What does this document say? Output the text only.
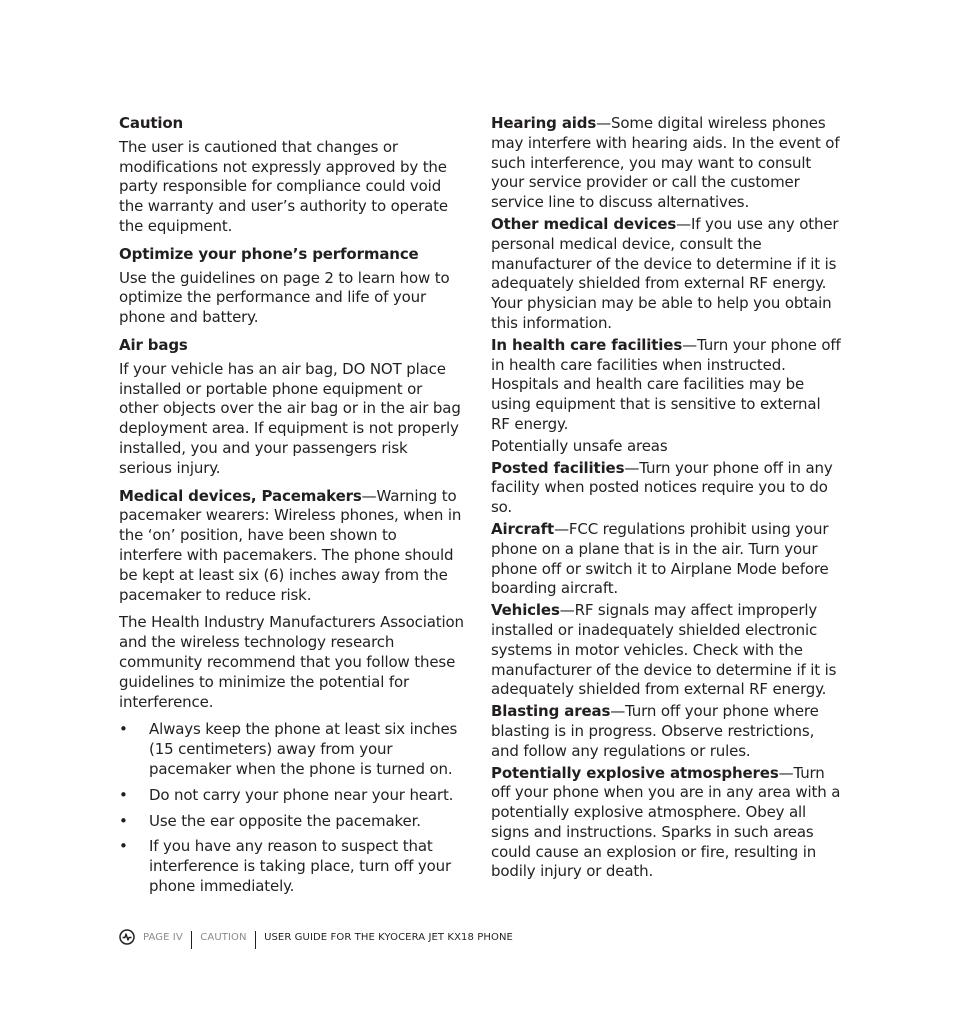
Caution

The user is cautioned that changes or modifications not expressly approved by the party responsible for compliance could void the warranty and user’s authority to operate the equipment.

Optimize your phone’s performance

Use the guidelines on page 2 to learn how to optimize the performance and life of your phone and battery.

Air bags

If your vehicle has an air bag, DO NOT place installed or portable phone equipment or other objects over the air bag or in the air bag deployment area. If equipment is not properly installed, you and your passengers risk serious injury.

Medical devices, Pacemakers—Warning to pacemaker wearers: Wireless phones, when in the ‘on’ position, have been shown to interfere with pacemakers. The phone should be kept at least six (6) inches away from the pacemaker to reduce risk.

The Health Industry Manufacturers Association and the wireless technology research community recommend that you follow these guidelines to minimize the potential for interference.

• Always keep the phone at least six inches (15 centimeters) away from your pacemaker when the phone is turned on.
• Do not carry your phone near your heart.
• Use the ear opposite the pacemaker.
• If you have any reason to suspect that interference is taking place, turn off your phone immediately.

Hearing aids—Some digital wireless phones may interfere with hearing aids. In the event of such interference, you may want to consult your service provider or call the customer service line to discuss alternatives.

Other medical devices—If you use any other personal medical device, consult the manufacturer of the device to determine if it is adequately shielded from external RF energy. Your physician may be able to help you obtain this information.

In health care facilities—Turn your phone off in health care facilities when instructed. Hospitals and health care facilities may be using equipment that is sensitive to external RF energy.

Potentially unsafe areas

Posted facilities—Turn your phone off in any facility when posted notices require you to do so.

Aircraft—FCC regulations prohibit using your phone on a plane that is in the air. Turn your phone off or switch it to Airplane Mode before boarding aircraft.

Vehicles—RF signals may affect improperly installed or inadequately shielded electronic systems in motor vehicles. Check with the manufacturer of the device to determine if it is adequately shielded from external RF energy.

Blasting areas—Turn off your phone where blasting is in progress. Observe restrictions, and follow any regulations or rules.

Potentially explosive atmospheres—Turn off your phone when you are in any area with a potentially explosive atmosphere. Obey all signs and instructions. Sparks in such areas could cause an explosion or fire, resulting in bodily injury or death.

PAGE IV CAUTION USER GUIDE FOR THE KYOCERA JET KX18 PHONE
